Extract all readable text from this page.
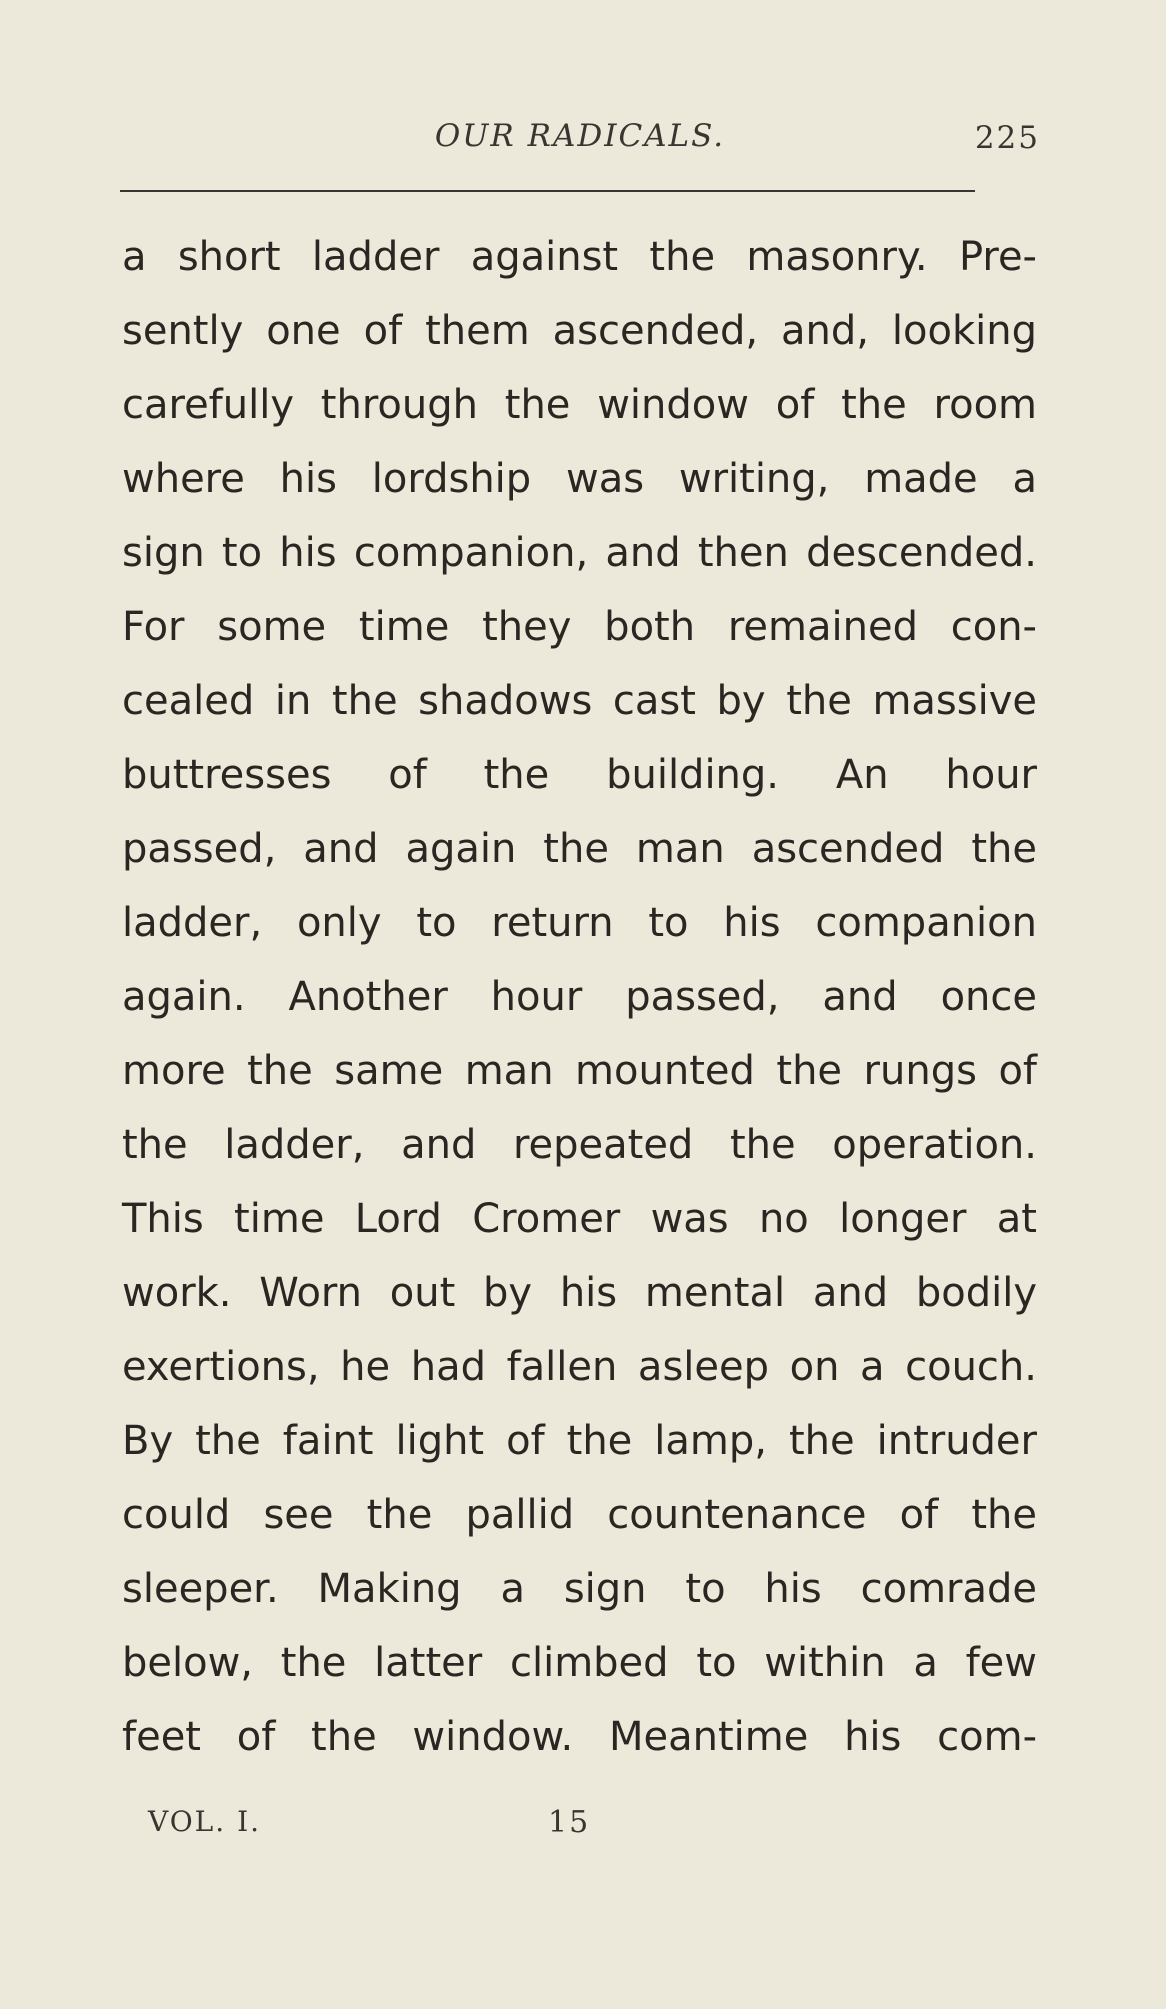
OUR RADICALS.	225
a short ladder against the masonry. Pre-
sently one of them ascended, and, looking
carefully through the window of the room
where his lordship was writing, made a
sign to his companion, and then descended.
For some time they both remained con-
cealed in the shadows cast by the massive
buttresses of the building. An hour
passed, and again the man ascended the
ladder, only to return to his companion
again. Another hour passed, and once
more the same man mounted the rungs of
the ladder, and repeated the operation.
This time Lord Cromer was no longer at
work. Worn out by his mental and bodily
exertions, he had fallen asleep on a couch.
By the faint light of the lamp, the intruder
could see the pallid countenance of the
sleeper. Making a sign to his comrade
below, the latter climbed to within a few
feet of the window. Meantime his com-
VOL. I.	15
